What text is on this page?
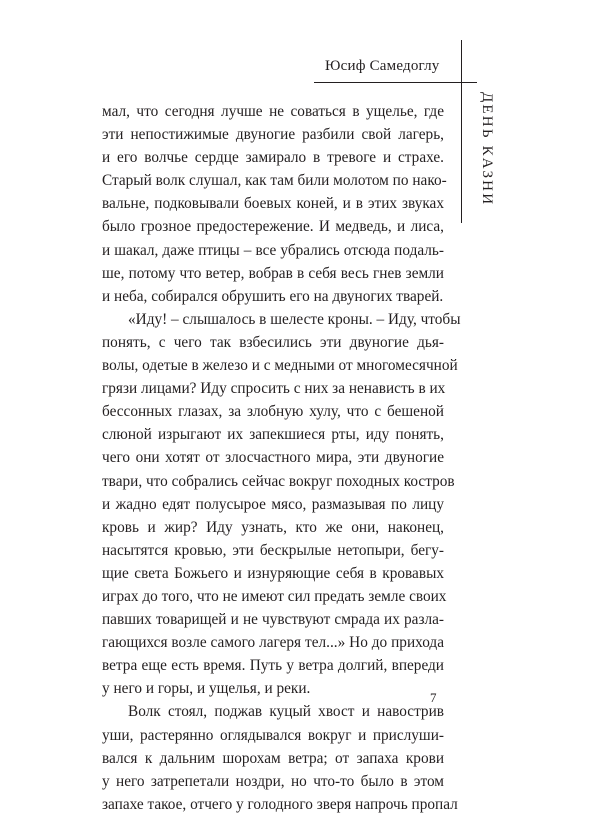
Юсиф Самедоглу
ДЕНЬ КАЗНИ
мал, что сегодня лучше не соваться в ущелье, где
эти непостижимые двуногие разбили свой лагерь,
и его волчье сердце замирало в тревоге и страхе.
Старый волк слушал, как там били молотом по нако-
вальне, подковывали боевых коней, и в этих звуках
было грозное предостережение. И медведь, и лиса,
и шакал, даже птицы – все убрались отсюда подаль-
ше, потому что ветер, вобрав в себя весь гнев земли
и неба, собирался обрушить его на двуногих тварей.
«Иду! – слышалось в шелесте кроны. – Иду, чтобы
понять, с чего так взбесились эти двуногие дья-
волы, одетые в железо и с медными от многомесячной
грязи лицами? Иду спросить с них за ненависть в их
бессонных глазах, за злобную хулу, что с бешеной
слюной изрыгают их запекшиеся рты, иду понять,
чего они хотят от злосчастного мира, эти двуногие
твари, что собрались сейчас вокруг походных костров
и жадно едят полусырое мясо, размазывая по лицу
кровь и жир? Иду узнать, кто же они, наконец,
насытятся кровью, эти бескрылые нетопыри, бегу-
щие света Божьего и изнуряющие себя в кровавых
играх до того, что не имеют сил предать земле своих
павших товарищей и не чувствуют смрада их разла-
гающихся возле самого лагеря тел...» Но до прихода
ветра еще есть время. Путь у ветра долгий, впереди
у него и горы, и ущелья, и реки.
Волк стоял, поджав куцый хвост и навострив
уши, растерянно оглядывался вокруг и прислуши-
вался к дальним шорохам ветра; от запаха крови
у него затрепетали ноздри, но что-то было в этом
запахе такое, отчего у голодного зверя напрочь пропал
7
